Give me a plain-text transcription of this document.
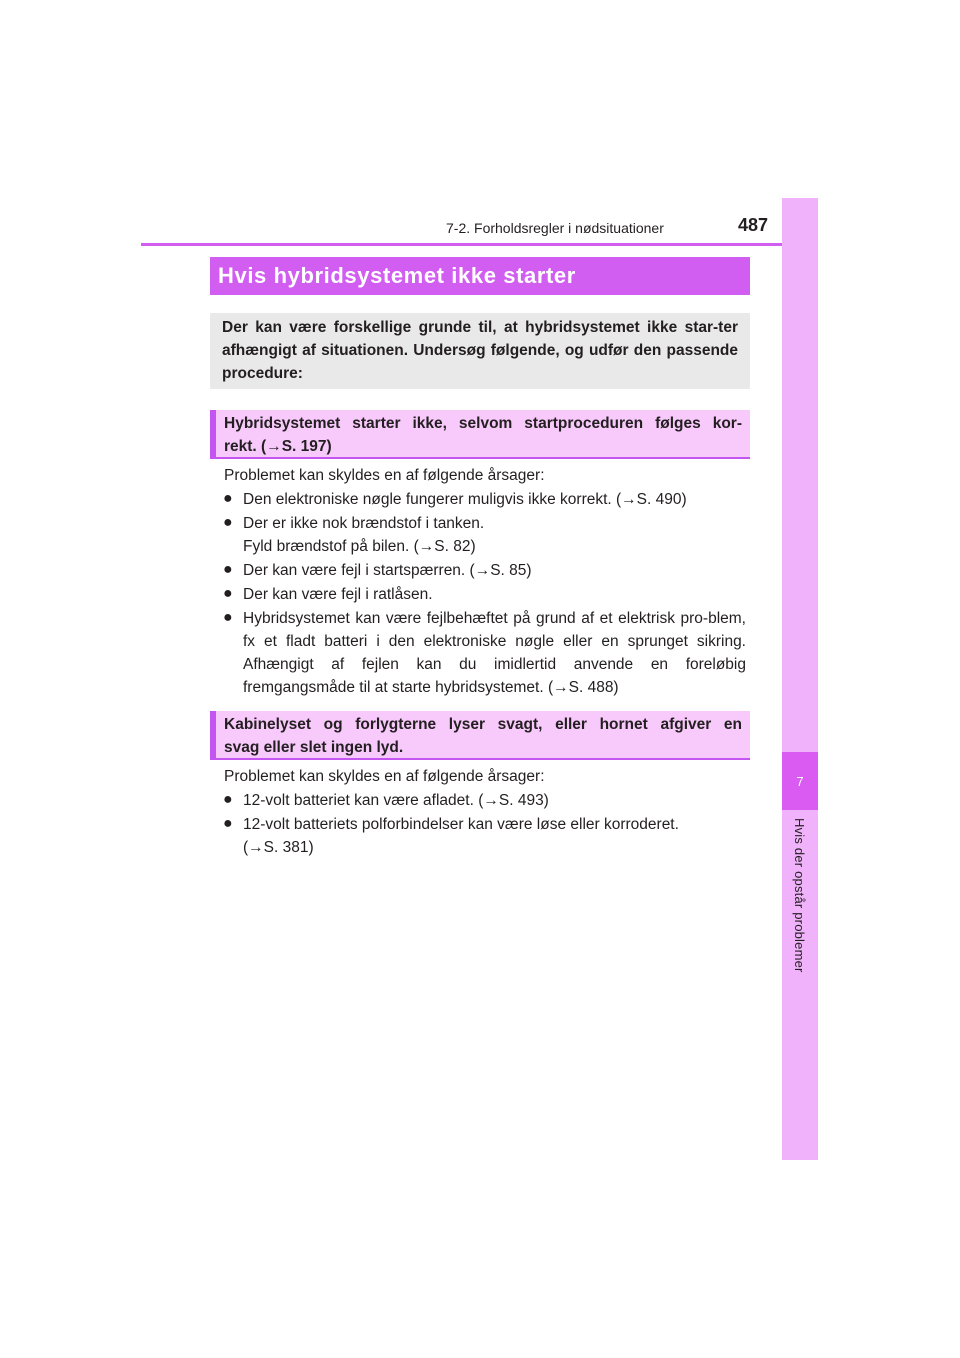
7-2. Forholdsregler i nødsituationer	487
7
Hvis der opstår problemer
Hvis hybridsystemet ikke starter
Der kan være forskellige grunde til, at hybridsystemet ikke star-ter afhængigt af situationen. Undersøg følgende, og udfør den passende procedure:
Hybridsystemet starter ikke, selvom startproceduren følges kor-
rekt. (→S. 197)
Problemet kan skyldes en af følgende årsager:
● Den elektroniske nøgle fungerer muligvis ikke korrekt. (→S. 490)
● Der er ikke nok brændstof i tanken.
Fyld brændstof på bilen. (→S. 82)
● Der kan være fejl i startspærren. (→S. 85)
● Der kan være fejl i ratlåsen.
● Hybridsystemet kan være fejlbehæftet på grund af et elektrisk pro-blem, fx et fladt batteri i den elektroniske nøgle eller en sprunget sikring. Afhængigt af fejlen kan du imidlertid anvende en foreløbig fremgangsmåde til at starte hybridsystemet. (→S. 488)
Kabinelyset og forlygterne lyser svagt, eller hornet afgiver en
svag eller slet ingen lyd.
Problemet kan skyldes en af følgende årsager:
● 12-volt batteriet kan være afladet. (→S. 493)
● 12-volt batteriets polforbindelser kan være løse eller korroderet.
(→S. 381)
